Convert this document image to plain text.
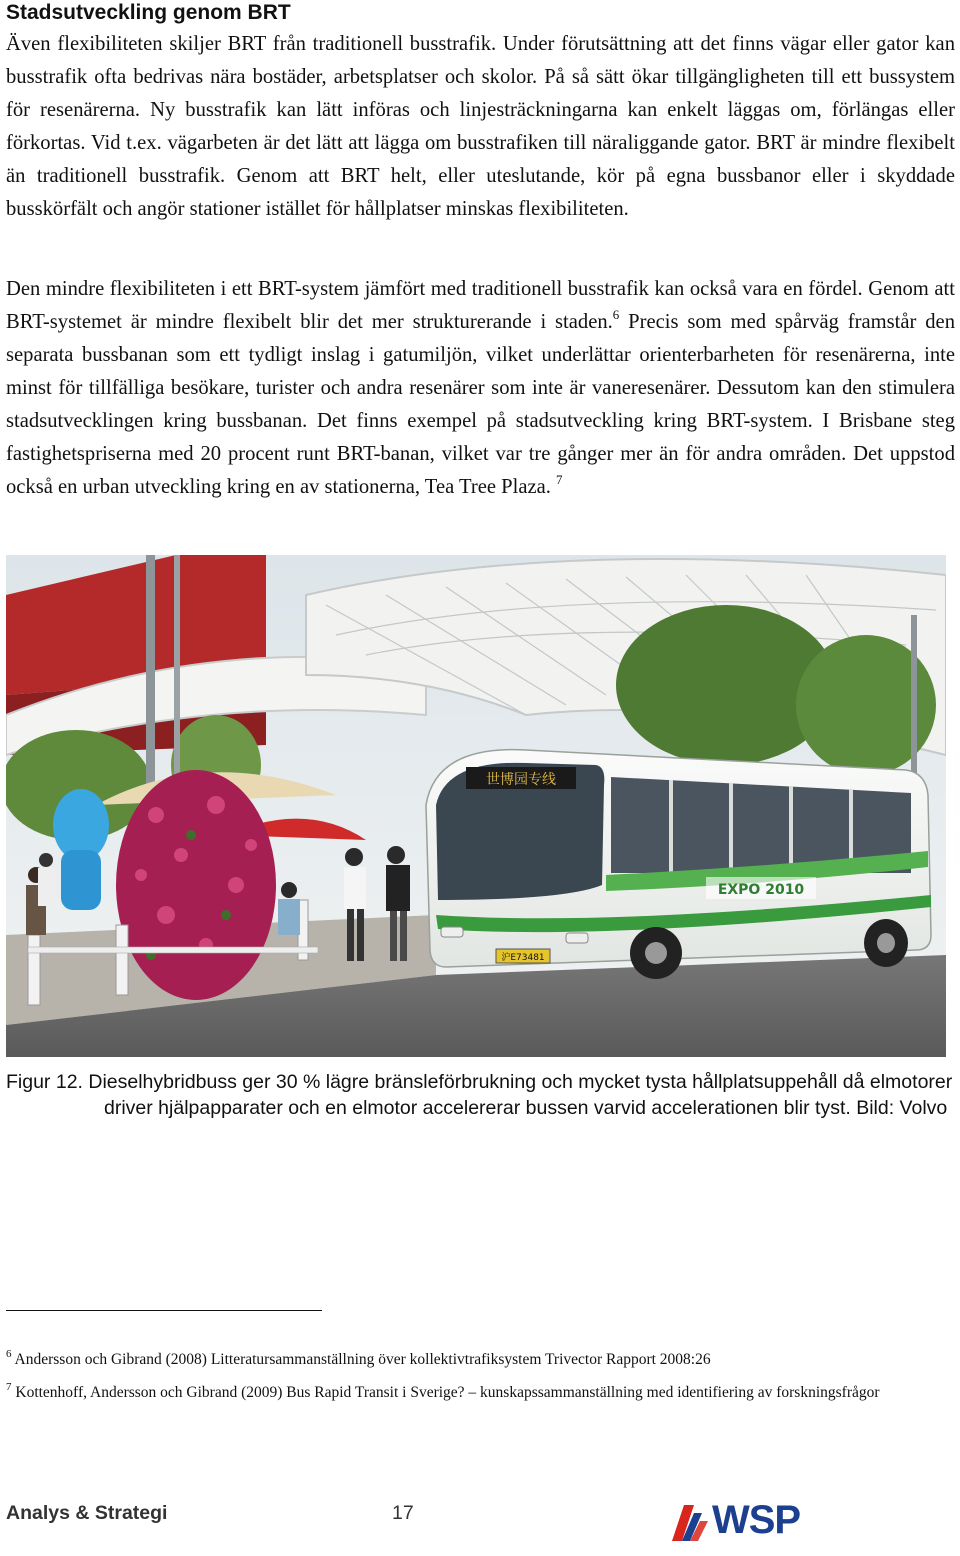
Stadsutveckling genom BRT

Även flexibiliteten skiljer BRT från traditionell busstrafik. Under förutsättning att det finns vägar eller gator kan busstrafik ofta bedrivas nära bostäder, arbetsplatser och skolor. På så sätt ökar tillgängligheten till ett bussystem för resenärerna. Ny busstrafik kan lätt införas och linjesträckningarna kan enkelt läggas om, förlängas eller förkortas. Vid t.ex. vägarbeten är det lätt att lägga om busstrafiken till näraliggande gator. BRT är mindre flexibelt än traditionell busstrafik. Genom att BRT helt, eller uteslutande, kör på egna bussbanor eller i skyddade busskörfält och angör stationer istället för hållplatser minskas flexibiliteten.

Den mindre flexibiliteten i ett BRT-system jämfört med traditionell busstrafik kan också vara en fördel. Genom att BRT-systemet är mindre flexibelt blir det mer strukturerande i staden.$^6$ Precis som med spårväg framstår den separata bussbanan som ett tydligt inslag i gatumiljön, vilket underlättar orienterbarheten för resenärerna, inte minst för tillfälliga besökare, turister och andra resenärer som inte är vaneresenärer. Dessutom kan den stimulera stadsutvecklingen kring bussbanan. Det finns exempel på stadsutveckling kring BRT-system. I Brisbane steg fastighetspriserna med 20 procent runt BRT-banan, vilket var tre gånger mer än för andra områden. Det uppstod också en urban utveckling kring en av stationerna, Tea Tree Plaza. $^7$

世博园专线
EXPO 2010
沪E73481

Figur 12. Dieselhybridbuss ger 30 % lägre bränsleförbrukning och mycket tysta hållplatsuppehåll då elmotorer driver hjälpapparater och en elmotor accelererar bussen varvid accelerationen blir tyst. Bild: Volvo

$^6$ Andersson och Gibrand (2008) Litteratursammanställning över kollektivtrafiksystem Trivector Rapport 2008:26

$^7$ Kottenhoff, Andersson och Gibrand (2009) Bus Rapid Transit i Sverige? – kunskapssammanställning med identifiering av forskningsfrågor

Analys & Strategi	17	WSP
